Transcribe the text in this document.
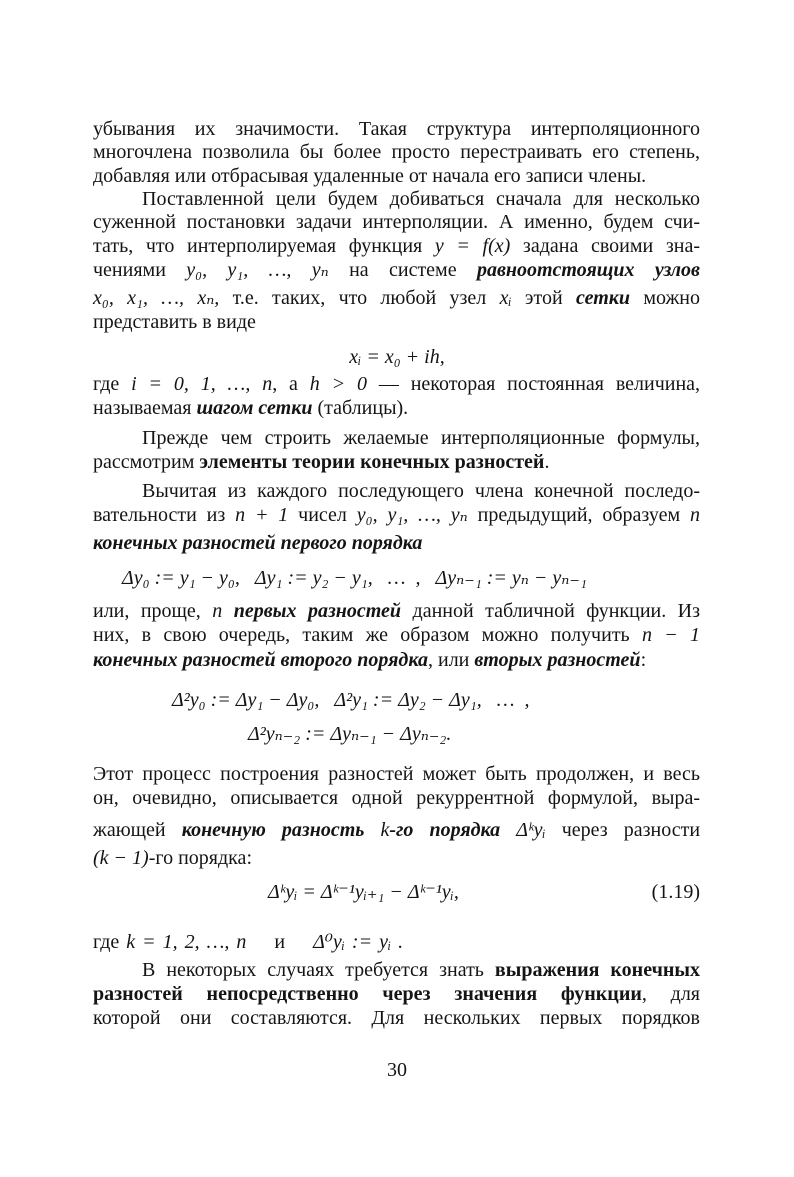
убывания их значимости. Такая структура интерполяционного
многочлена позволила бы более просто перестраивать его степень,
добавляя или отбрасывая удаленные от начала его записи члены.
Поставленной цели будем добиваться сначала для несколько
суженной постановки задачи интерполяции. А именно, будем счи-
тать, что интерполируемая функция y = f(x) задана своими зна-
чениями y₀, y₁, …, yₙ на системе равноотстоящих узлов
x₀, x₁, …, xₙ, т.е. таких, что любой узел xᵢ этой сетки можно
представить в виде
xᵢ = x₀ + ih,
где i = 0, 1, …, n, а h > 0 — некоторая постоянная величина,
называемая шагом сетки (таблицы).
Прежде чем строить желаемые интерполяционные формулы,
рассмотрим элементы теории конечных разностей.
Вычитая из каждого последующего члена конечной последо-
вательности из n + 1 чисел y₀, y₁, …, yₙ предыдущий, образуем n
конечных разностей первого порядка
Δy₀ := y₁ − y₀,   Δy₁ := y₂ − y₁,   …  ,   Δyₙ₋₁ := yₙ − yₙ₋₁
или, проще, n первых разностей данной табличной функции. Из
них, в свою очередь, таким же образом можно получить n − 1
конечных разностей второго порядка, или вторых разностей:
Δ²y₀ := Δy₁ − Δy₀,   Δ²y₁ := Δy₂ − Δy₁,   …  ,
Δ²yₙ₋₂ := Δyₙ₋₁ − Δyₙ₋₂.
Этот процесс построения разностей может быть продолжен, и весь
он, очевидно, описывается одной рекуррентной формулой, выра-
жающей конечную разность k-го порядка Δᵏyᵢ через разности
(k − 1)-го порядка:
Δᵏyᵢ = Δᵏ⁻¹yᵢ₊₁ − Δᵏ⁻¹yᵢ,	(1.19)
где k = 1, 2, …, n и Δ⁰yᵢ := yᵢ .
В некоторых случаях требуется знать выражения конечных
разностей непосредственно через значения функции, для
которой они составляются. Для нескольких первых порядков
30
